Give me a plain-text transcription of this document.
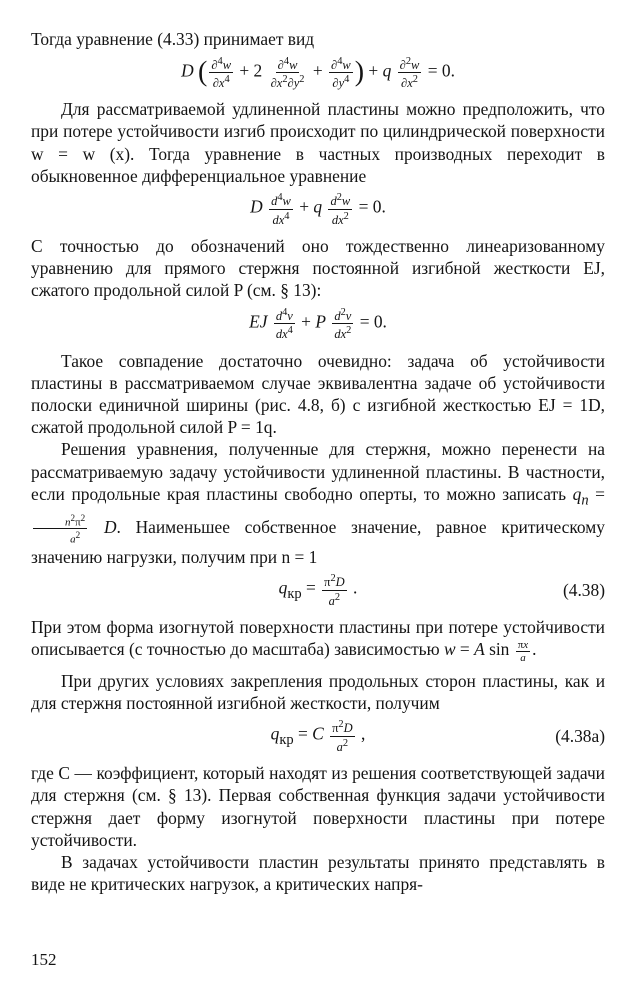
Тогда уравнение (4.33) принимает вид

D ( $\frac{\partial^4w}{\partial x^4} + 2 \frac{\partial^4w}{\partial x^2\partial y^2} + \frac{\partial^4w}{\partial y^4}$ ) + q $\frac{\partial^2w}{\partial x^2} = 0$.

Для рассматриваемой удлиненной пластины можно предположить, что при потере устойчивости изгиб происходит по цилиндрической поверхности w = w (x). Тогда уравнение в частных производных переходит в обыкновенное дифференциальное уравнение

D $\frac{d^4w}{dx^4} + q \frac{d^2w}{dx^2} = 0$.

С точностью до обозначений оно тождественно линеаризованному уравнению для прямого стержня постоянной изгибной жесткости EJ, сжатого продольной силой P (см. § 13):

EJ $\frac{d^4v}{dx^4} + P \frac{d^2v}{dx^2} = 0$.

Такое совпадение достаточно очевидно: задача об устойчивости пластины в рассматриваемом случае эквивалентна задаче об устойчивости полоски единичной ширины (рис. 4.8, б) с изгибной жесткостью EJ = 1D, сжатой продольной силой P = 1q.

Решения уравнения, полученные для стержня, можно перенести на рассматриваемую задачу устойчивости удлиненной пластины. В частности, если продольные края пластины свободно оперты, то можно записать $q_n$ =
$\frac{n^2\pi^2}{a^2} D$. Наименьшее собственное значение, равное критическому значению нагрузки, получим при n = 1

$q_{кр} = \frac{\pi^2D}{a^2}$ .	(4.38)

При этом форма изогнутой поверхности пластины при потере устойчивости описывается (с точностью до масштаба) зависимостью w = A $\sin \frac{\pi x}{a}$ .

При других условиях закрепления продольных сторон пластины, как и для стержня постоянной изгибной жесткости, получим

$q_{кр} = C \frac{\pi^2D}{a^2}$ ,	(4.38а)

где C — коэффициент, который находят из решения соответствующей задачи для стержня (см. § 13). Первая собственная функция задачи устойчивости стержня дает форму изогнутой поверхности пластины при потере устойчивости.

В задачах устойчивости пластин результаты принято представлять в виде не критических нагрузок, а критических напря-

152
